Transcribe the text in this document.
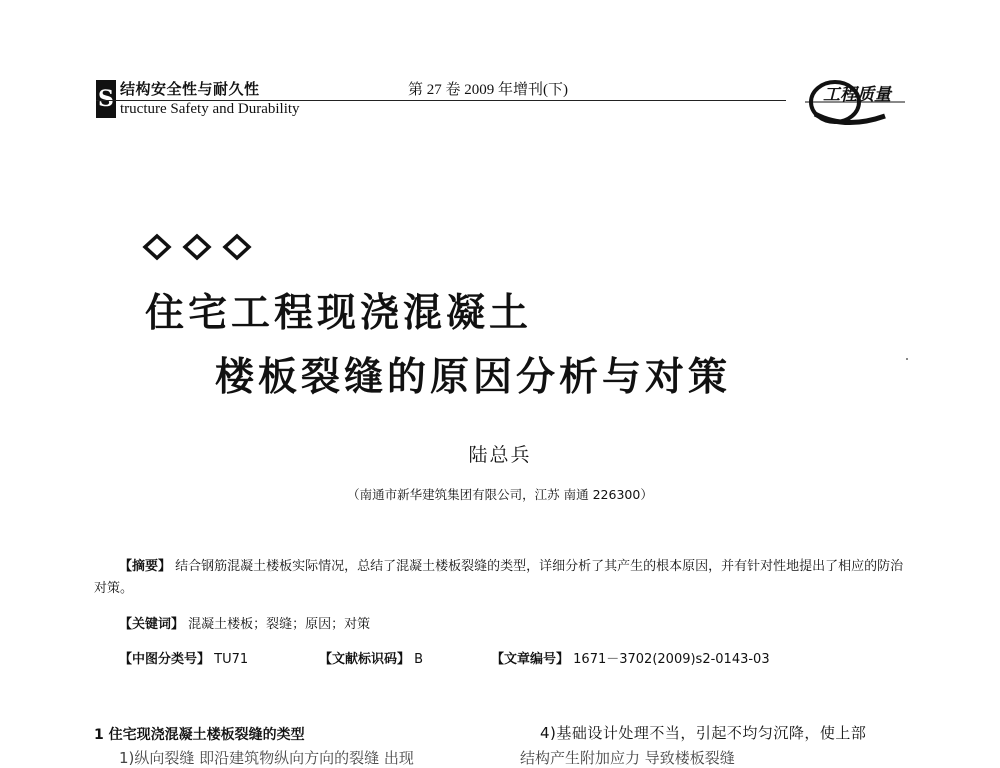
S 结构安全性与耐久性
tructure Safety and Durability
第 27 卷 2009 年增刊(下)	工程质量
住宅工程现浇混凝土
楼板裂缝的原因分析与对策
陆总兵
（南通市新华建筑集团有限公司，江苏 南通 226300）
【摘要】 结合钢筋混凝土楼板实际情况，总结了混凝土楼板裂缝的类型，详细分析了其产生的根本原因，并有针对性地提出了相应的防治对策。
【关键词】 混凝土楼板；裂缝；原因；对策
【中图分类号】 TU71	【文献标识码】 B	【文章编号】 1671－3702(2009)s2-0143-03
1 住宅现浇混凝土楼板裂缝的类型	4)基础设计处理不当，引起不均匀沉降，使上部
1)纵向裂缝 即沿建筑物纵向方向的裂缝 出现	结构产生附加应力 导致楼板裂缝
